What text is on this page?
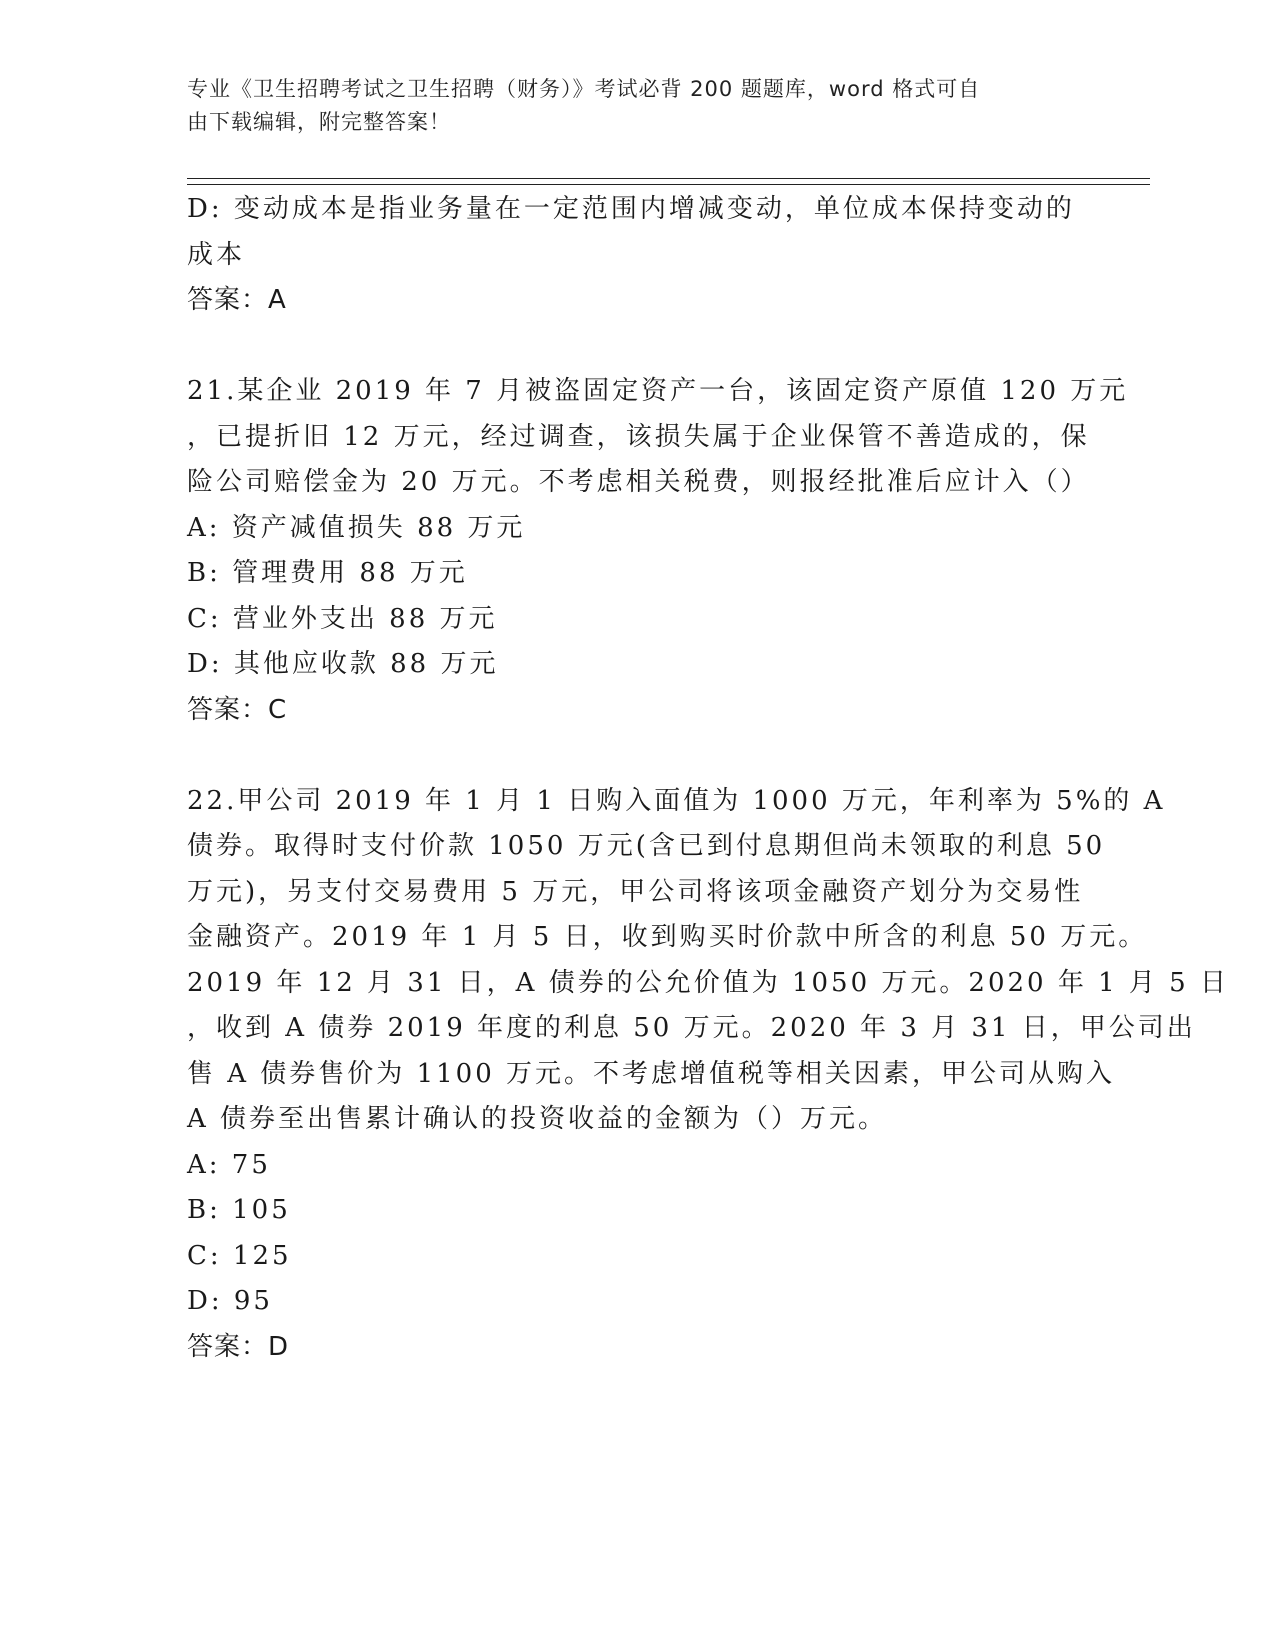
专业《卫生招聘考试之卫生招聘（财务）》考试必背 200 题题库，word 格式可自
由下载编辑，附完整答案！
D: 变动成本是指业务量在一定范围内增减变动，单位成本保持变动的
成本
答案：A
21.某企业 2019 年 7 月被盗固定资产一台，该固定资产原值 120 万元
，已提折旧 12 万元，经过调查，该损失属于企业保管不善造成的，保
险公司赔偿金为 20 万元。不考虑相关税费，则报经批准后应计入（）
A: 资产减值损失 88 万元
B: 管理费用 88 万元
C: 营业外支出 88 万元
D: 其他应收款 88 万元
答案：C
22.甲公司 2019 年 1 月 1 日购入面值为 1000 万元，年利率为 5%的 A
债券。取得时支付价款 1050 万元(含已到付息期但尚未领取的利息 50
万元)，另支付交易费用 5 万元，甲公司将该项金融资产划分为交易性
金融资产。2019 年 1 月 5 日，收到购买时价款中所含的利息 50 万元。
2019 年 12 月 31 日，A 债券的公允价值为 1050 万元。2020 年 1 月 5 日
，收到 A 债券 2019 年度的利息 50 万元。2020 年 3 月 31 日，甲公司出
售 A 债券售价为 1100 万元。不考虑增值税等相关因素，甲公司从购入
A 债券至出售累计确认的投资收益的金额为（）万元。
A: 75
B: 105
C: 125
D: 95
答案：D
